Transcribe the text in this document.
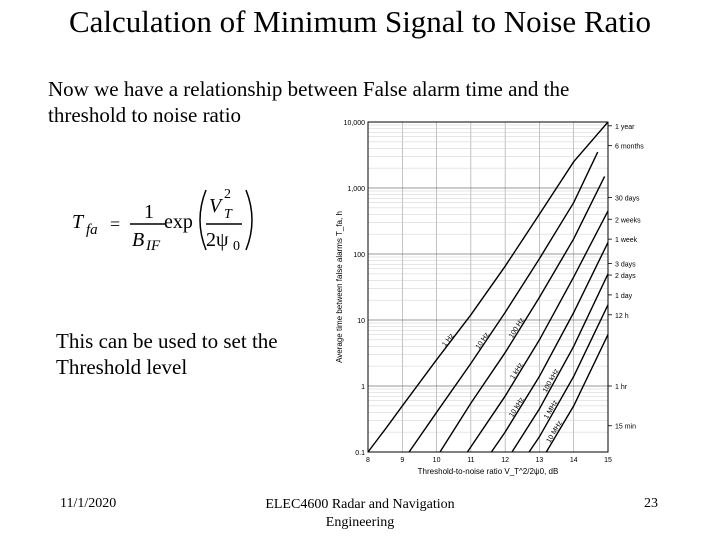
Calculation of Minimum Signal to Noise Ratio
Now we have a relationship between False alarm time and the threshold to noise ratio
T fa =
1
B IF
exp
V
2
T
2ψ 0
This can be used to set the Threshold level
1 Hz	10 Hz
100 Hz
1 kHz
10 kHz
100 kHz
1 MHz
10 MHz
0.1
1
10
100
1,000
10,000
8	9	10	11	12	13	14	15
1 year
6 months
30 days
2 weeks
1 week
3 days
2 days
1 day
12 h
1 hr
15 min
Average time between false alarms T_fa, h
Threshold-to-noise ratio V_T^2/2ψ0, dB
11/1/2020	ELEC4600 Radar and Navigation Engineering
23
